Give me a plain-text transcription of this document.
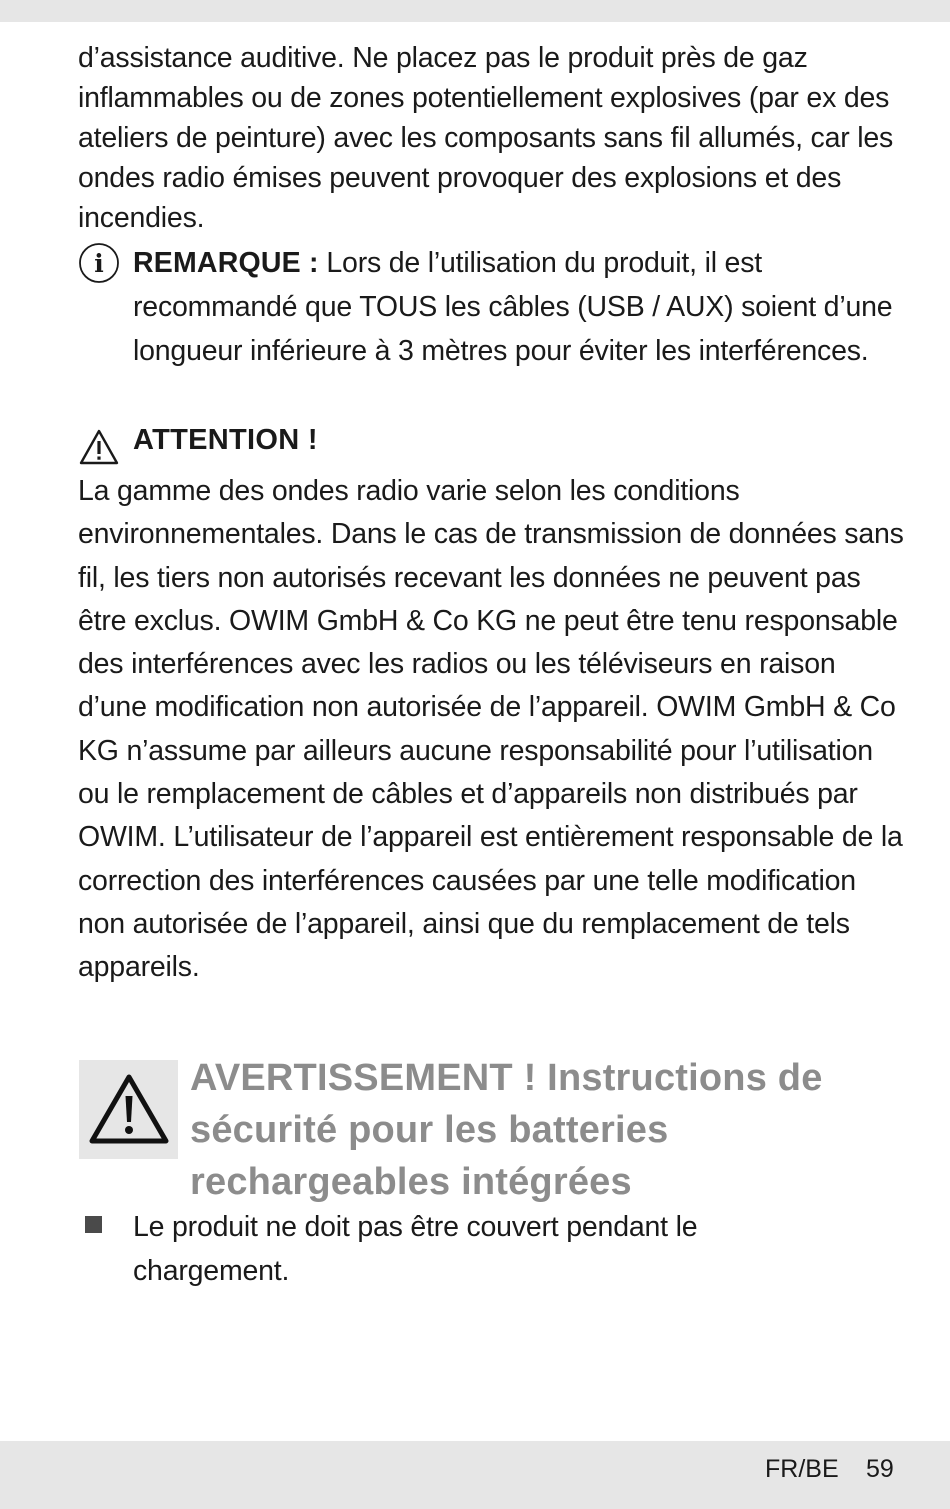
d’assistance auditive. Ne placez pas le produit près de gaz inflammables ou de zones potentiellement explosives (par ex des ateliers de peinture) avec les composants sans fil allumés, car les ondes radio émises peuvent provoquer des explosions et des incendies.
i REMARQUE : Lors de l’utilisation du produit, il est recommandé que TOUS les câbles (USB / AUX) soient d’une longueur inférieure à 3 mètres pour éviter les interférences.
ATTENTION !
La gamme des ondes radio varie selon les conditions environnementales. Dans le cas de transmission de données sans fil, les tiers non autorisés recevant les données ne peuvent pas être exclus. OWIM GmbH & Co KG ne peut être tenu responsable des interférences avec les radios ou les téléviseurs en raison d’une modification non autorisée de l’appareil. OWIM GmbH & Co KG n’assume par ailleurs aucune responsabilité pour l’utilisation ou le remplacement de câbles et d’appareils non distribués par OWIM. L’utilisateur de l’appareil est entièrement responsable de la correction des interférences causées par une telle modification non autorisée de l’appareil, ainsi que du remplacement de tels appareils.
AVERTISSEMENT ! Instructions de sécurité pour les batteries rechargeables intégrées
Le produit ne doit pas être couvert pendant le chargement.
FR/BE 59
